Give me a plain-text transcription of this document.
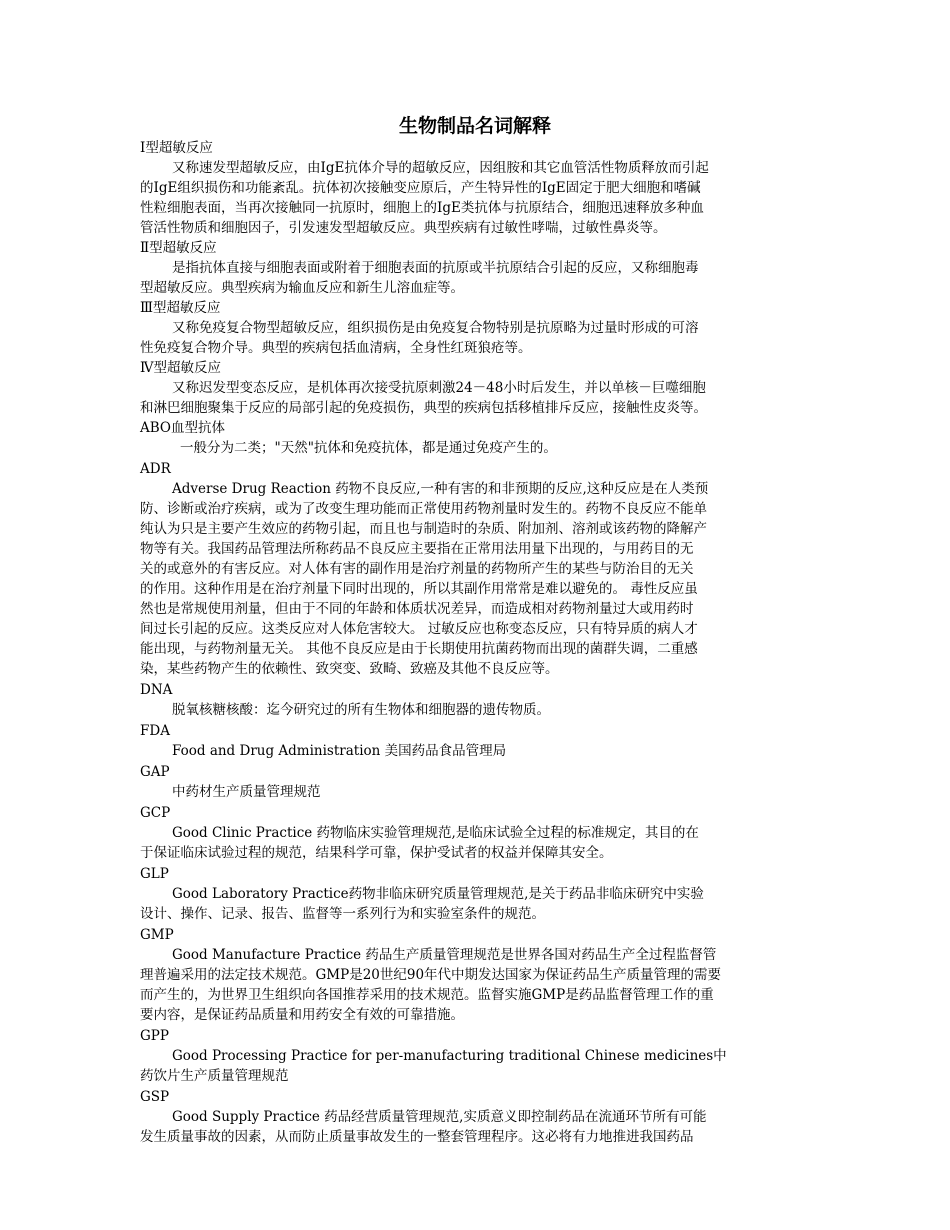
生物制品名词解释
Ⅰ型超敏反应
又称速发型超敏反应，由IgE抗体介导的超敏反应，因组胺和其它血管活性物质释放而引起
的IgE组织损伤和功能紊乱。抗体初次接触变应原后，产生特异性的IgE固定于肥大细胞和嗜碱
性粒细胞表面，当再次接触同一抗原时，细胞上的IgE类抗体与抗原结合，细胞迅速释放多种血
管活性物质和细胞因子，引发速发型超敏反应。典型疾病有过敏性哮喘，过敏性鼻炎等。
Ⅱ型超敏反应
是指抗体直接与细胞表面或附着于细胞表面的抗原或半抗原结合引起的反应，又称细胞毒
型超敏反应。典型疾病为输血反应和新生儿溶血症等。
Ⅲ型超敏反应
又称免疫复合物型超敏反应，组织损伤是由免疫复合物特别是抗原略为过量时形成的可溶
性免疫复合物介导。典型的疾病包括血清病，全身性红斑狼疮等。
Ⅳ型超敏反应
又称迟发型变态反应，是机体再次接受抗原刺激24－48小时后发生，并以单核－巨噬细胞
和淋巴细胞聚集于反应的局部引起的免疫损伤，典型的疾病包括移植排斥反应，接触性皮炎等。
ABO血型抗体
一般分为二类；"天然"抗体和免疫抗体，都是通过免疫产生的。
ADR
Adverse Drug Reaction 药物不良反应,一种有害的和非预期的反应,这种反应是在人类预
防、诊断或治疗疾病，或为了改变生理功能而正常使用药物剂量时发生的。药物不良反应不能单
纯认为只是主要产生效应的药物引起，而且也与制造时的杂质、附加剂、溶剂或该药物的降解产
物等有关。我国药品管理法所称药品不良反应主要指在正常用法用量下出现的，与用药目的无
关的或意外的有害反应。对人体有害的副作用是治疗剂量的药物所产生的某些与防治目的无关
的作用。这种作用是在治疗剂量下同时出现的，所以其副作用常常是难以避免的。 毒性反应虽
然也是常规使用剂量，但由于不同的年龄和体质状况差异，而造成相对药物剂量过大或用药时
间过长引起的反应。这类反应对人体危害较大。 过敏反应也称变态反应，只有特异质的病人才
能出现，与药物剂量无关。 其他不良反应是由于长期使用抗菌药物而出现的菌群失调，二重感
染，某些药物产生的依赖性、致突变、致畸、致癌及其他不良反应等。
DNA
脱氧核糖核酸：迄今研究过的所有生物体和细胞器的遗传物质。
FDA
Food and Drug Administration 美国药品食品管理局
GAP
中药材生产质量管理规范
GCP
Good Clinic Practice 药物临床实验管理规范,是临床试验全过程的标准规定，其目的在
于保证临床试验过程的规范，结果科学可靠，保护受试者的权益并保障其安全。
GLP
Good Laboratory Practice药物非临床研究质量管理规范,是关于药品非临床研究中实验
设计、操作、记录、报告、监督等一系列行为和实验室条件的规范。
GMP
Good Manufacture Practice 药品生产质量管理规范是世界各国对药品生产全过程监督管
理普遍采用的法定技术规范。GMP是20世纪90年代中期发达国家为保证药品生产质量管理的需要
而产生的，为世界卫生组织向各国推荐采用的技术规范。监督实施GMP是药品监督管理工作的重
要内容，是保证药品质量和用药安全有效的可靠措施。
GPP
Good Processing Practice for per-manufacturing traditional Chinese medicines中
药饮片生产质量管理规范
GSP
Good Supply Practice 药品经营质量管理规范,实质意义即控制药品在流通环节所有可能
发生质量事故的因素，从而防止质量事故发生的一整套管理程序。这必将有力地推进我国药品
